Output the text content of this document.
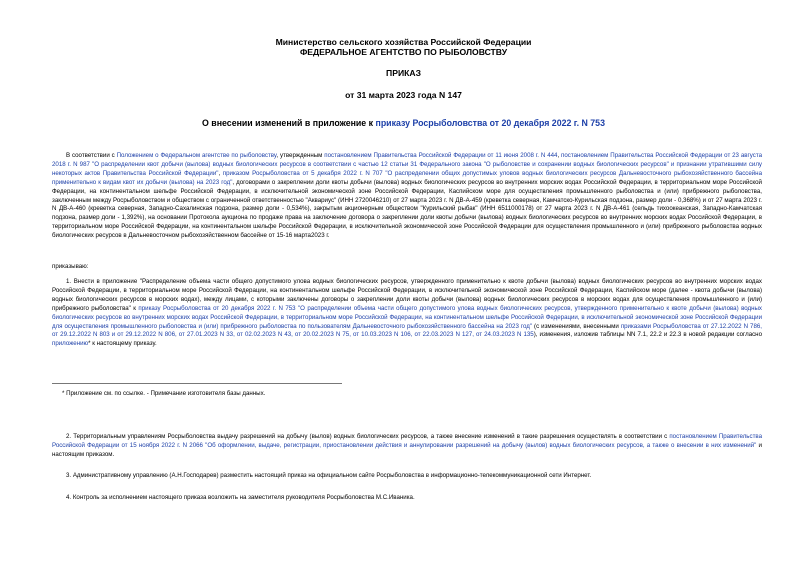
Министерство сельского хозяйства Российской Федерации
ФЕДЕРАЛЬНОЕ АГЕНТСТВО ПО РЫБОЛОВСТВУ
ПРИКАЗ
от 31 марта 2023 года N 147
О внесении изменений в приложение к приказу Росрыболовства от 20 декабря 2022 г. N 753
В соответствии с Положением о Федеральном агентстве по рыболовству, утвержденным постановлением Правительства Российской Федерации от 11 июня 2008 г. N 444, постановлением Правительства Российской Федерации от 23 августа 2018 г. N 987 "О распределении квот добычи (вылова) водных биологических ресурсов в соответствии с частью 12 статьи 31 Федерального закона "О рыболовстве и сохранении водных биологических ресурсов" и признании утратившими силу некоторых актов Правительства Российской Федерации", приказом Росрыболовства от 5 декабря 2022 г. N 707 "О распределении общих допустимых уловов водных биологических ресурсов Дальневосточного рыбохозяйственного бассейна применительно к видам квот их добычи (вылова) на 2023 год", договорами о закреплении доли квоты добычи (вылова) водных биологических ресурсов во внутренних морских водах Российской Федерации, в территориальном море Российской Федерации, на континентальном шельфе Российской Федерации, в исключительной экономической зоне Российской Федерации, Каспийском море для осуществления промышленного рыболовства и (или) прибрежного рыболовства, заключенным между Росрыболовством и обществом с ограниченной ответственностью "Аквариус" (ИНН 2720046210) от 27 марта 2023 г. N ДВ-А-459 (креветка северная, Камчатско-Курильская подзона, размер доли - 0,368%) и от 27 марта 2023 г. N ДВ-А-460 (креветка северная, Западно-Сахалинская подзона, размер доли - 0,534%), закрытым акционерным обществом "Курильский рыбак" (ИНН 6511000178) от 27 марта 2023 г. N ДВ-А-461 (сельдь тихоокеанская, Западно-Камчатская подзона, размер доли - 1,392%), на основании Протокола аукциона по продаже права на заключение договора о закреплении доли квоты добычи (вылова) водных биологических ресурсов во внутренних морских водах Российской Федерации, в территориальном море Российской Федерации, на континентальном шельфе Российской Федерации, в исключительной экономической зоне Российской Федерации для осуществления промышленного и (или) прибрежного рыболовства водных биологических ресурсов в Дальневосточном рыбохозяйственном бассейне от 15-16 марта2023 г.
приказываю:
1. Внести в приложение "Распределение объема части общего допустимого улова водных биологических ресурсов, утвержденного применительно к квоте добычи (вылова) водных биологических ресурсов во внутренних морских водах Российской Федерации, в территориальном море Российской Федерации, на континентальном шельфе Российской Федерации, в исключительной экономической зоне Российской Федерации, Каспийском море (далее - квота добычи (вылова) водных биологических ресурсов в морских водах), между лицами, с которыми заключены договоры о закреплении доли квоты добычи (вылова) водных биологических ресурсов в морских водах для осуществления промышленного и (или) прибрежного рыболовства" к приказу Росрыболовства от 20 декабря 2022 г. N 753 "О распределении объема части общего допустимого улова водных биологических ресурсов, утвержденного применительно к квоте добычи (вылова) водных биологических ресурсов во внутренних морских водах Российской Федерации, в территориальном море Российской Федерации, на континентальном шельфе Российской Федерации, в исключительной экономической зоне Российской Федерации для осуществления промышленного рыболовства и (или) прибрежного рыболовства по пользователям Дальневосточного рыбохозяйственного бассейна на 2023 год" (с изменениями, внесенными приказами Росрыболовства от 27.12.2022 N 786, от 29.12.2022 N 803 и от 29.12.2022 N 806, от 27.01.2023 N 33, от 02.02.2023 N 43, от 20.02.2023 N 75, от 10.03.2023 N 106, от 22.03.2023 N 127, от 24.03.2023 N 135), изменения, изложив таблицы NN 7.1, 22.2 и 22.3 в новой редакции согласно приложению* к настоящему приказу.
* Приложение см. по ссылке. - Примечание изготовителя базы данных.
2. Территориальным управлениям Росрыболовства выдачу разрешений на добычу (вылов) водных биологических ресурсов, а также внесение изменений в такие разрешения осуществлять в соответствии с постановлением Правительства Российской Федерации от 15 ноября 2022 г. N 2066 "Об оформлении, выдаче, регистрации, приостановлении действия и аннулировании разрешений на добычу (вылов) водных биологических ресурсов, а также о внесении в них изменений" и настоящим приказом.
3. Административному управлению (А.Н.Господарев) разместить настоящий приказ на официальном сайте Росрыболовства в информационно-телекоммуникационной сети Интернет.
4. Контроль за исполнением настоящего приказа возложить на заместителя руководителя Росрыболовства М.С.Иваника.
